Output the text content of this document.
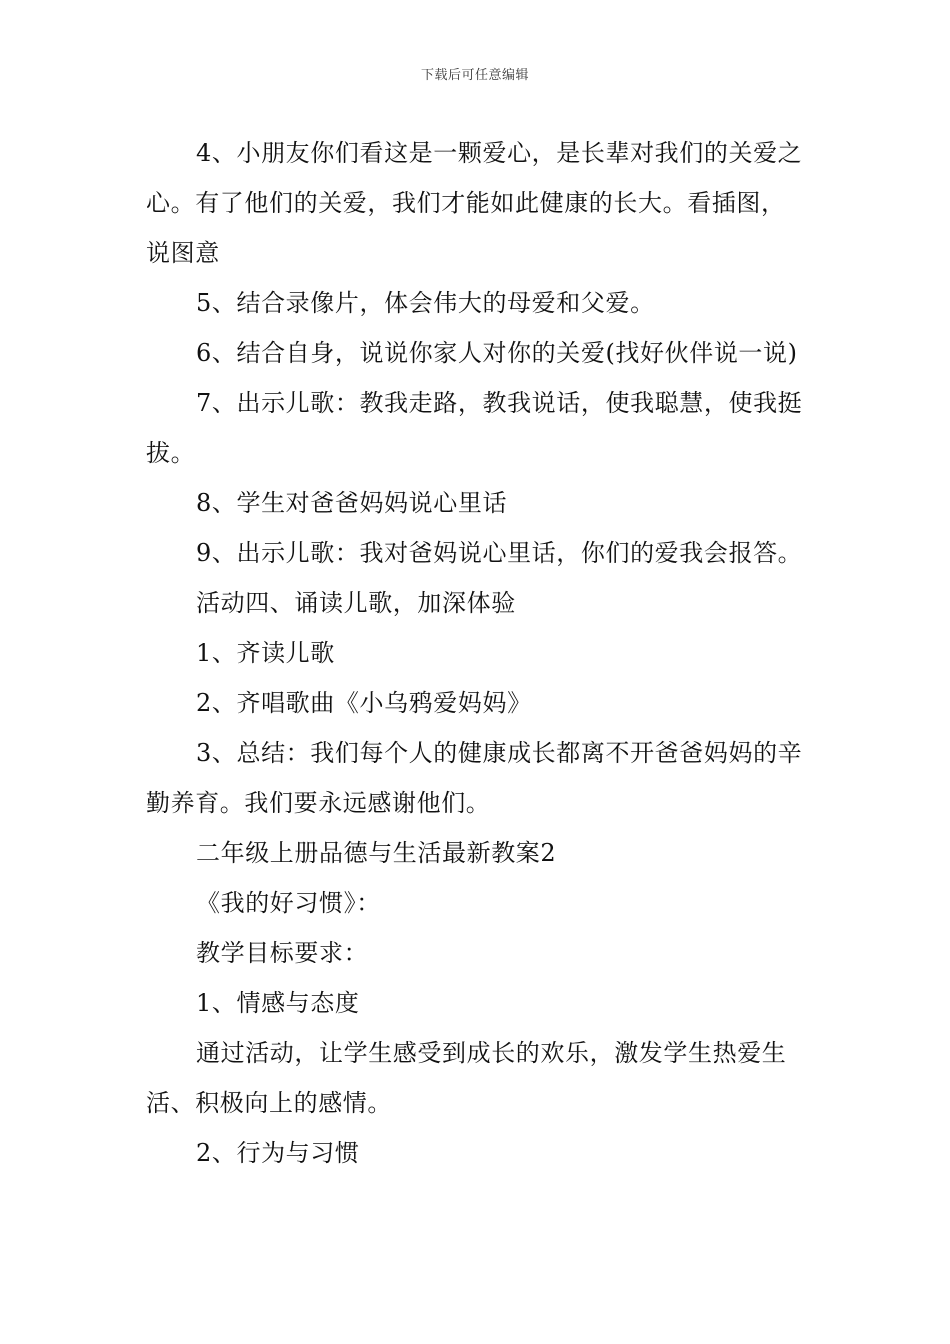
下载后可任意编辑

4、小朋友你们看这是一颗爱心，是长辈对我们的关爱之心。有了他们的关爱，我们才能如此健康的长大。看插图，说图意

5、结合录像片，体会伟大的母爱和父爱。

6、结合自身，说说你家人对你的关爱(找好伙伴说一说)

7、出示儿歌：教我走路，教我说话，使我聪慧，使我挺拔。

8、学生对爸爸妈妈说心里话

9、出示儿歌：我对爸妈说心里话，你们的爱我会报答。

活动四、诵读儿歌，加深体验

1、齐读儿歌

2、齐唱歌曲《小乌鸦爱妈妈》

3、总结：我们每个人的健康成长都离不开爸爸妈妈的辛勤养育。我们要永远感谢他们。

二年级上册品德与生活最新教案2

《我的好习惯》：

教学目标要求：

1、情感与态度

通过活动，让学生感受到成长的欢乐，激发学生热爱生活、积极向上的感情。

2、行为与习惯
